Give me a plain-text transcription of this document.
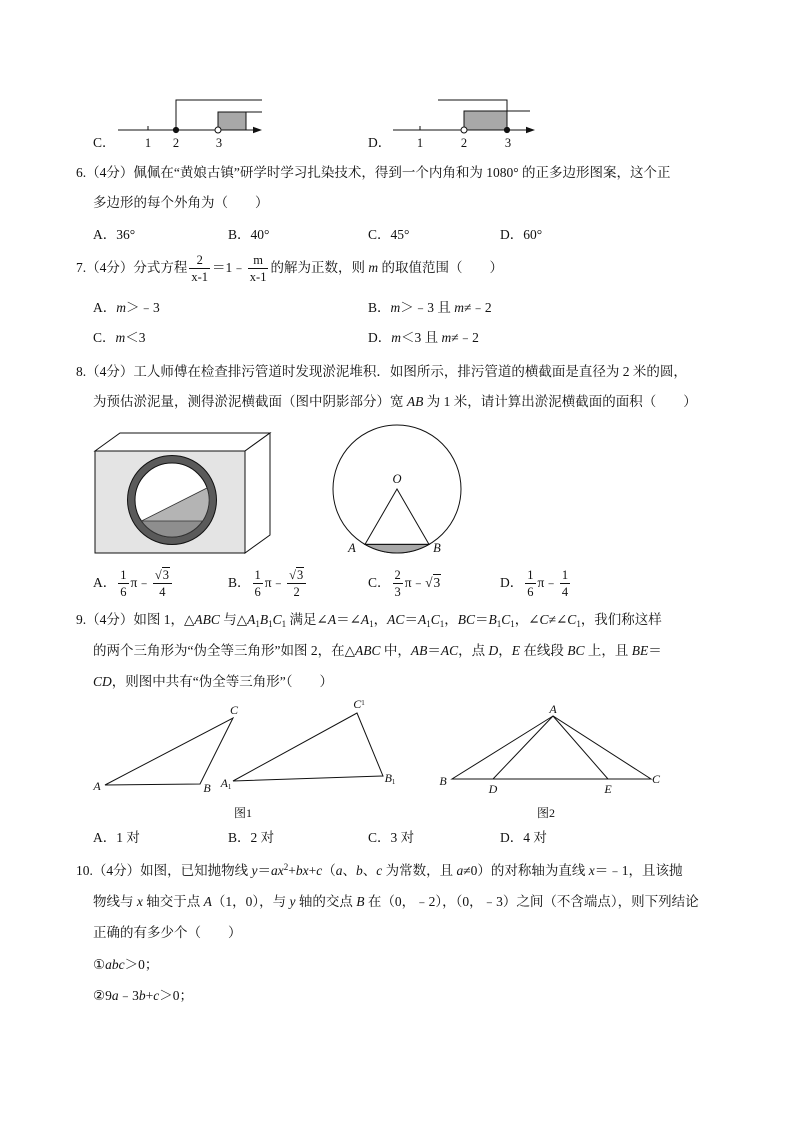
1 2	3	1	2	3
O
A	B
A	B
C
A1
B1
$C^1$
图1
A
B
D	E
C
图2
C．	D．
6.（4分）佩佩在“黄娘古镇”研学时学习扎染技术，得到一个内角和为 1080° 的正多边形图案，这个正
多边形的每个外角为（　　）
A．36°	B．40°	C．45°	D．60°
7.（4分）分式方程 $\frac{2}{x-1}$ ＝1﹣ $\frac{m}{x-1}$ 的解为正数，则 m 的取值范围（　　）
A．m＞﹣3	B．m＞﹣3 且 m≠﹣2
C．m＜3	D．m＜3 且 m≠﹣2
8.（4分）工人师傅在检查排污管道时发现淤泥堆积．如图所示，排污管道的横截面是直径为 2 米的圆，
为预估淤泥量，测得淤泥横截面（图中阴影部分）宽 AB 为 1 米，请计算出淤泥横截面的面积（　　）
A． $\frac{1}{6}$ π﹣ √ $\frac{3}{4}$	B． $\frac{1}{6}$ π﹣ √ $\frac{3}{2}$	C． $\frac{2}{3}$ π﹣ √ 3	D． $\frac{1}{6}$ π﹣ $\frac{1}{4}$
9.（4分）如图 1，△ABC 与$\triangle A_1B_1C_1$ 满足$\angle A=\angle A_1$，$AC=A_1C_1$，$BC=B_1C_1$，$\angle C\ne\angle C_1$，我们称这样
的两个三角形为“伪全等三角形”如图 2，在△ABC 中，AB＝AC，点 D，E 在线段 BC 上，且 BE＝
CD，则图中共有“伪全等三角形”（　　）
A．1 对	B．2 对	C．3 对	D．4 对
10.（4分）如图，已知抛物线 $y=ax^2+bx+c(a$、b、c 为常数，且 a≠0）的对称轴为直线 x＝﹣1，且该抛
物线与 x 轴交于点 A（1，0），与 y 轴的交点 B 在（0，﹣2），（0，﹣3）之间（不含端点），则下列结论
正确的有多少个（　　）
①abc＞0；
②9a﹣3b+c＞0；
